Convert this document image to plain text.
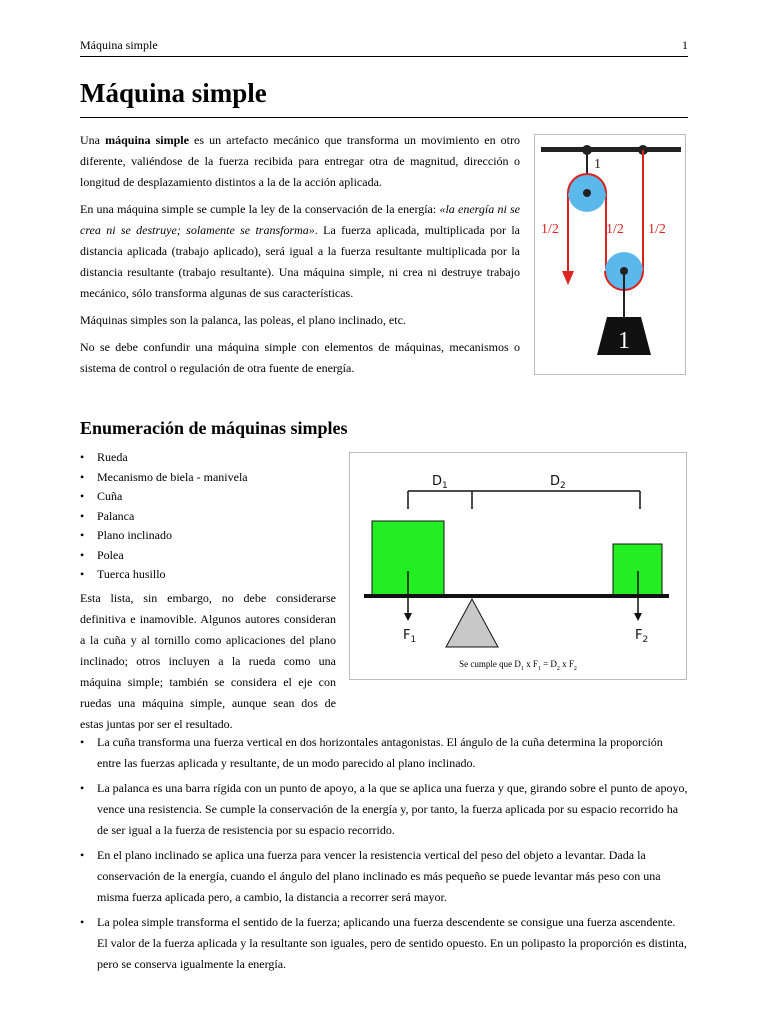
Máquina simple	1
Máquina simple

Una máquina simple es un artefacto mecánico que transforma un movimiento en otro diferente, valiéndose de la fuerza recibida para entregar otra de magnitud, dirección o longitud de desplazamiento distintos a la de la acción aplicada.

En una máquina simple se cumple la ley de la conservación de la energía: «la energía ni se crea ni se destruye; solamente se transforma». La fuerza aplicada, multiplicada por la distancia aplicada (trabajo aplicado), será igual a la fuerza resultante multiplicada por la distancia resultante (trabajo resultante). Una máquina simple, ni crea ni destruye trabajo mecánico, sólo transforma algunas de sus características.

Máquinas simples son la palanca, las poleas, el plano inclinado, etc.

No se debe confundir una máquina simple con elementos de máquinas, mecanismos o sistema de control o regulación de otra fuente de energía.

1
1/2	1/2 1/2
1
Enumeración de máquinas simples
• Rueda
• Mecanismo de biela - manivela
• Cuña
• Palanca
• Plano inclinado
• Polea
• Tuerca husillo

Esta lista, sin embargo, no debe considerarse definitiva e inamovible. Algunos autores consideran a la cuña y al tornillo como aplicaciones del plano inclinado; otros incluyen a la rueda como una máquina simple; también se considera el eje con ruedas una máquina simple, aunque sean dos de estas juntas por ser el resultado.

$D_1$	$D_2$
$F_1$	$F_2$
Se cumple que $D_1$ x $F_1 = D_2$ x $F_2$
• La cuña transforma una fuerza vertical en dos horizontales antagonistas. El ángulo de la cuña determina la proporción entre las fuerzas aplicada y resultante, de un modo parecido al plano inclinado.
• La palanca es una barra rígida con un punto de apoyo, a la que se aplica una fuerza y que, girando sobre el punto de apoyo, vence una resistencia. Se cumple la conservación de la energía y, por tanto, la fuerza aplicada por su espacio recorrido ha de ser igual a la fuerza de resistencia por su espacio recorrido.
• En el plano inclinado se aplica una fuerza para vencer la resistencia vertical del peso del objeto a levantar. Dada la conservación de la energía, cuando el ángulo del plano inclinado es más pequeño se puede levantar más peso con una misma fuerza aplicada pero, a cambio, la distancia a recorrer será mayor.
• La polea simple transforma el sentido de la fuerza; aplicando una fuerza descendente se consigue una fuerza ascendente. El valor de la fuerza aplicada y la resultante son iguales, pero de sentido opuesto. En un polipasto la proporción es distinta, pero se conserva igualmente la energía.
